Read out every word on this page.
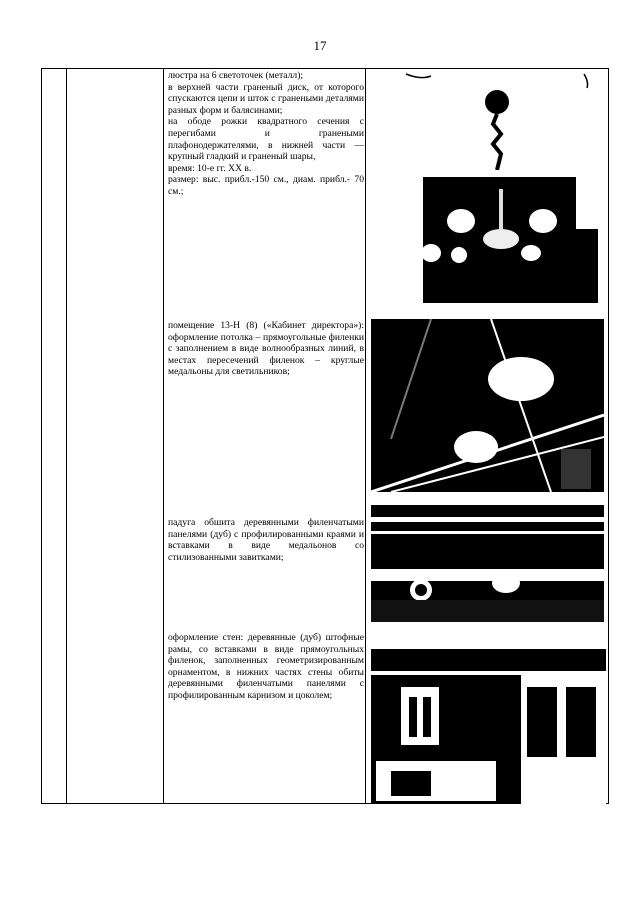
17

люстра на 6 светоточек (металл);

в верхней части граненый диск, от которого спускаются цепи и шток с гранеными деталями разных форм и балясинами;

на ободе рожки квадратного сечения с перегибами и гранеными плафонодержателями, в нижней части — крупный гладкий и граненый шары,

время: 10-е гг. XX в.

размер: выс. прибл.-150 см., диам. прибл.- 70 см.;

помещение 13-Н (8) («Кабинет директора»): оформление потолка – прямоугольные филенки с заполнением в виде волнообразных линий, в местах пересечений филенок – круглые медальоны для светильников;

падуга обшита деревянными филенчатыми панелями (дуб) с профилированными краями и вставками в виде медальонов со стилизованными завитками;

оформление стен: деревянные (дуб) штофные рамы, со вставками в виде прямоугольных филенок, заполненных геометризированным орнаментом, в нижних частях стены обиты деревянными филенчатыми панелями с профилированным карнизом и цоколем;
